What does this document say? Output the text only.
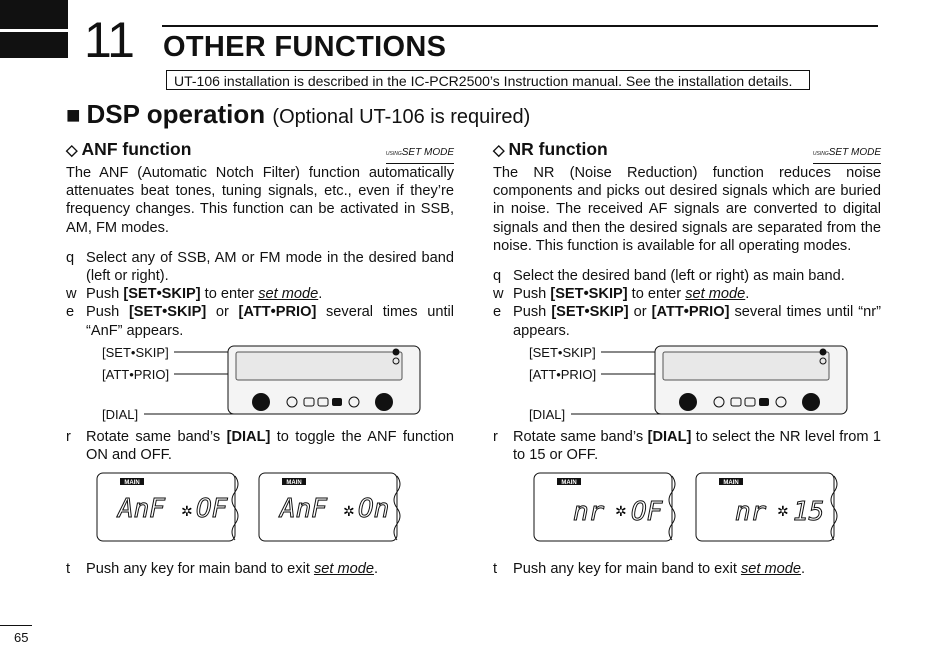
11 OTHER FUNCTIONS
UT-106 installation is described in the IC-PCR2500’s Instruction manual. See the installation details.
■ DSP operation (Optional UT-106 is required)
◇ ANF function	USINGSET MODE

The ANF (Automatic Notch Filter) function automatically attenuates beat tones, tuning signals, etc., even if they’re frequency changes. This function can be activated in SSB, AM, FM modes.

q Select any of SSB, AM or FM mode in the desired band (left or right).
w Push [SET•SKIP] to enter set mode.
e Push [SET•SKIP] or [ATT•PRIO] several times until “AnF” appears.
[SET•SKIP]
[ATT•PRIO]
[DIAL]
r	Rotate same band’s [DIAL] to toggle the ANF function ON and OFF.
MAIN
AnF ✲ OF
MAIN
AnF ✲ On
t	Push any key for main band to exit set mode.
◇ NR function	USINGSET MODE

The NR (Noise Reduction) function reduces noise components and picks out desired signals which are buried in noise. The received AF signals are converted to digital signals and then the desired signals are separated from the noise. This function is available for all operating modes.

q Select the desired band (left or right) as main band.
w Push [SET•SKIP] to enter set mode.
e Push [SET•SKIP] or [ATT•PRIO] several times until “nr” appears.
[SET•SKIP]
[ATT•PRIO]
[DIAL]
r	Rotate same band’s [DIAL] to select the NR level from 1 to 15 or OFF.
MAIN
nr ✲ OF
MAIN
nr ✲ 15
t	Push any key for main band to exit set mode.
65
